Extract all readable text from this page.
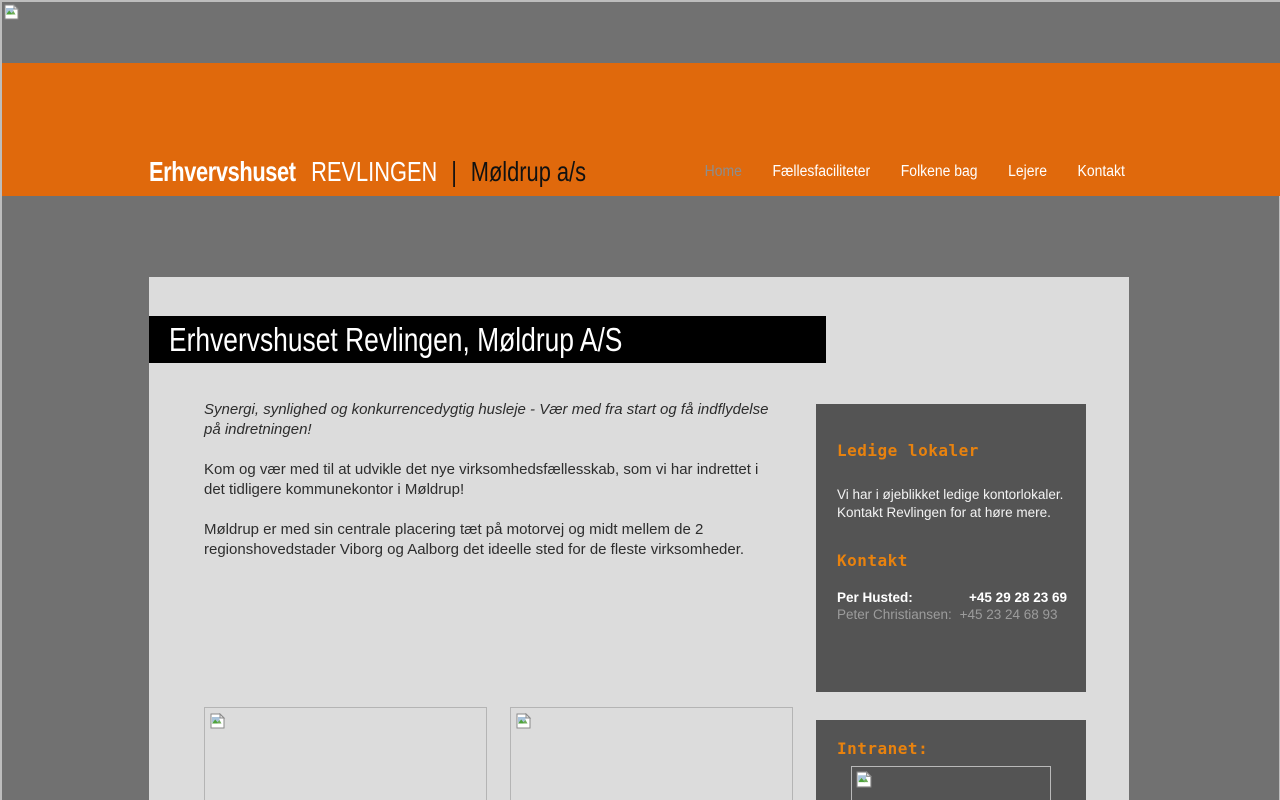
Erhvervshuset REVLINGEN | Møldrup a/s	Home Fællesfaciliteter Folkene bag Lejere Kontakt
Erhvervshuset Revlingen, Møldrup A/S

Synergi, synlighed og konkurrencedygtig husleje - Vær med fra start og få indflydelse
på indretningen!

Kom og vær med til at udvikle det nye virksomhedsfællesskab, som vi har indrettet i
det tidligere kommunekontor i Møldrup!

Møldrup er med sin centrale placering tæt på motorvej og midt mellem de 2
regionshovedstader Viborg og Aalborg det ideelle sted for de fleste virksomheder.

Ledige lokaler
Vi har i øjeblikket ledige kontorlokaler.
Kontakt Revlingen for at høre mere.
Kontakt
Per Husted:	+45 29 28 23 69
Peter Christiansen: +45 23 24 68 93
Intranet:
